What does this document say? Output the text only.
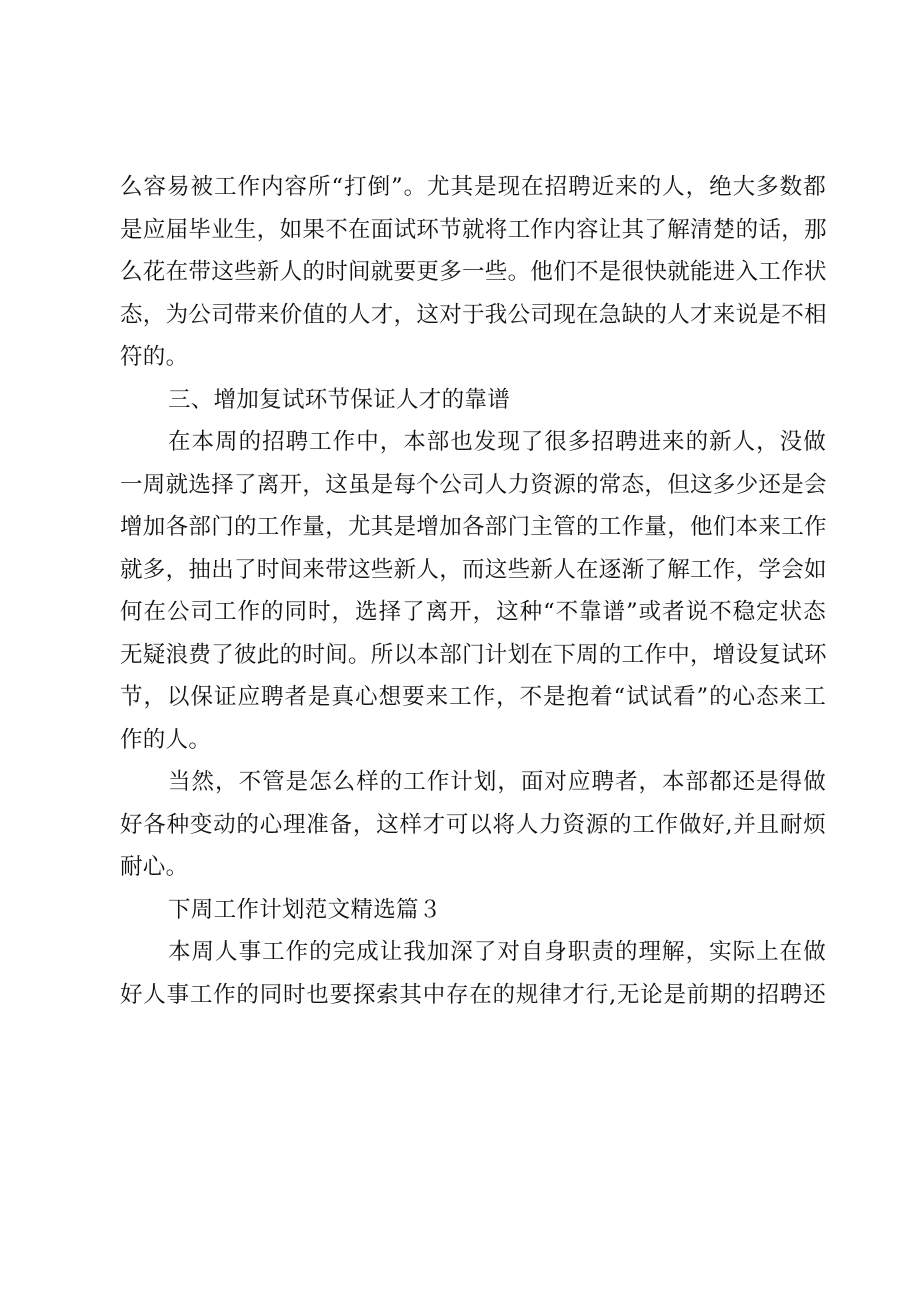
么容易被工作内容所“打倒”。尤其是现在招聘近来的人，绝大多数都
是应届毕业生，如果不在面试环节就将工作内容让其了解清楚的话，那
么花在带这些新人的时间就要更多一些。他们不是很快就能进入工作状
态，为公司带来价值的人才，这对于我公司现在急缺的人才来说是不相
符的。
三、增加复试环节保证人才的靠谱
在本周的招聘工作中，本部也发现了很多招聘进来的新人，没做
一周就选择了离开，这虽是每个公司人力资源的常态，但这多少还是会
增加各部门的工作量，尤其是增加各部门主管的工作量，他们本来工作
就多，抽出了时间来带这些新人，而这些新人在逐渐了解工作，学会如
何在公司工作的同时，选择了离开，这种“不靠谱”或者说不稳定状态
无疑浪费了彼此的时间。所以本部门计划在下周的工作中，增设复试环
节，以保证应聘者是真心想要来工作，不是抱着“试试看”的心态来工
作的人。
当然，不管是怎么样的工作计划，面对应聘者，本部都还是得做
好各种变动的心理准备，这样才可以将人力资源的工作做好,并且耐烦
耐心。
下周工作计划范文精选篇３
本周人事工作的完成让我加深了对自身职责的理解，实际上在做
好人事工作的同时也要探索其中存在的规律才行,无论是前期的招聘还
